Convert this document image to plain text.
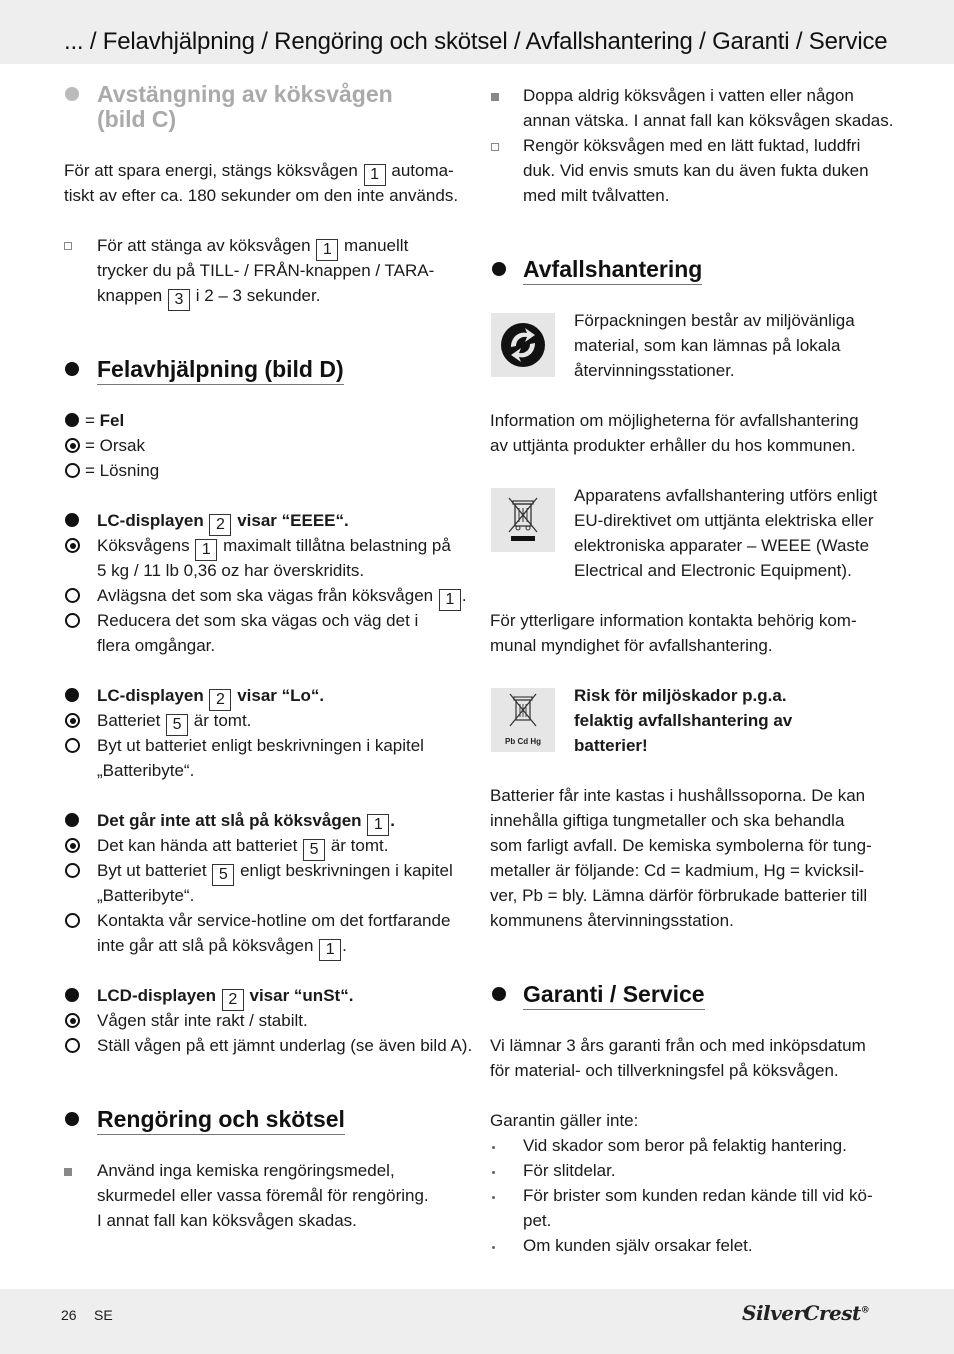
... / Felavhjälpning / Rengöring och skötsel / Avfallshantering / Garanti / Service
Avstängning av köksvågen
(bild C)
För att spara energi, stängs köksvågen 1 automa-
tiskt av efter ca. 180 sekunder om den inte används.
För att stänga av köksvågen 1 manuellt
trycker du på TILL- / FRÅN-knappen / TARA-
knappen 3 i 2 – 3 sekunder.
Felavhjälpning (bild D)
= Fel
= Orsak
= Lösning
LC-displayen 2 visar “EEEE“.
Köksvågens 1 maximalt tillåtna belastning på
5 kg / 11 lb 0,36 oz har överskridits.
Avlägsna det som ska vägas från köksvågen 1 .
Reducera det som ska vägas och väg det i
flera omgångar.
LC-displayen 2 visar “Lo“.
Batteriet 5 är tomt.
Byt ut batteriet enligt beskrivningen i kapitel
„Batteribyte“.
Det går inte att slå på köksvågen 1 .
Det kan hända att batteriet 5 är tomt.
Byt ut batteriet 5 enligt beskrivningen i kapitel
„Batteribyte“.
Kontakta vår service-hotline om det fortfarande
inte går att slå på köksvågen 1 .
LCD-displayen 2 visar “unSt“.
Vågen står inte rakt / stabilt.
Ställ vågen på ett jämnt underlag (se även bild A).
Rengöring och skötsel
Använd inga kemiska rengöringsmedel,
skurmedel eller vassa föremål för rengöring.
I annat fall kan köksvågen skadas.
Doppa aldrig köksvågen i vatten eller någon
annan vätska. I annat fall kan köksvågen skadas.
Rengör köksvågen med en lätt fuktad, luddfri
duk. Vid envis smuts kan du även fukta duken
med milt tvålvatten.
Avfallshantering
Förpackningen består av miljövänliga
material, som kan lämnas på lokala
återvinningsstationer.
Information om möjligheterna för avfallshantering
av uttjänta produkter erhåller du hos kommunen.
Apparatens avfallshantering utförs enligt
EU-direktivet om uttjänta elektriska eller
elektroniska apparater – WEEE (Waste
Electrical and Electronic Equipment).
För ytterligare information kontakta behörig kom-
munal myndighet för avfallshantering.
Pb Cd Hg
Risk för miljöskador p.g.a.
felaktig avfallshantering av
batterier!
Batterier får inte kastas i hushållssoporna. De kan
innehålla giftiga tungmetaller och ska behandla
som farligt avfall. De kemiska symbolerna för tung-
metaller är följande: Cd = kadmium, Hg = kvicksil-
ver, Pb = bly. Lämna därför förbrukade batterier till
kommunens återvinningsstation.
Garanti / Service
Vi lämnar 3 års garanti från och med inköpsdatum
för material- och tillverkningsfel på köksvågen.
Garantin gäller inte:
Vid skador som beror på felaktig hantering.
För slitdelar.
För brister som kunden redan kände till vid kö-
pet.
Om kunden själv orsakar felet.
26 SE	SilverCrest®
